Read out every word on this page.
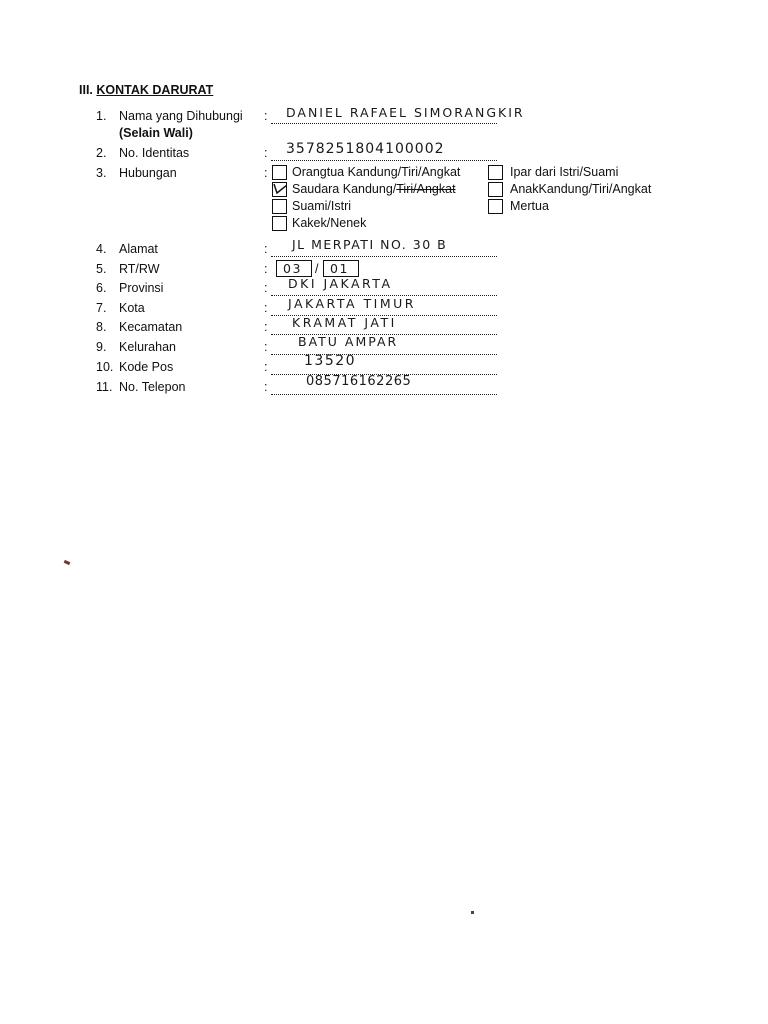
III. KONTAK DARURAT
1.	Nama yang Dihubungi : DANIEL RAFAEL SIMORANGKIR
(Selain Wali)
2.	No. Identitas	: 3578251804100002
3.	Hubungan	: Orangtua Kandung/Tiri/Angkat
Saudara Kandung/Tiri/Angkat
Suami/Istri
Kakek/Nenek
Ipar dari Istri/Suami
AnakKandung/Tiri/Angkat
Mertua
4.	Alamat	: JL MERPATI NO. 30 B
5.	RT/RW	: 03 / 01
6.	Provinsi	: DKI JAKARTA
7.	Kota	: JAKARTA TIMUR
8.	Kecamatan	: KRAMAT JATI
9.	Kelurahan	: BATU AMPAR
10. Kode Pos	:	13520
11. No. Telepon	:	085716162265
